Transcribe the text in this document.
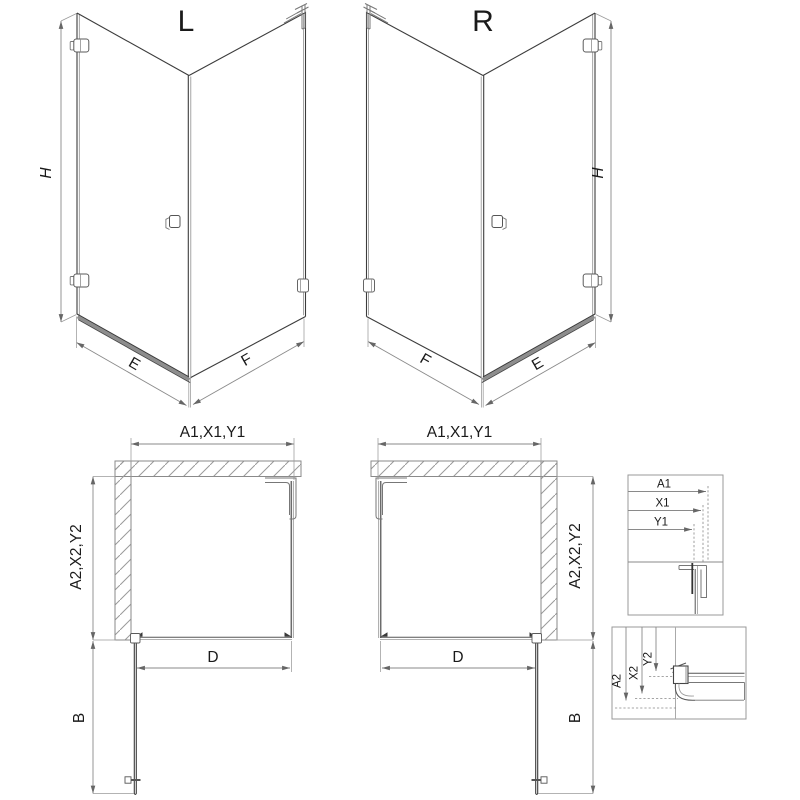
L	R
H	H
E	F	F	E
A1,X1,Y1
A2,X2,Y2
D
B
A1,X1,Y1
A2,X2,Y2
D
B
A1
X1
Y1
A2
X2
Y2
